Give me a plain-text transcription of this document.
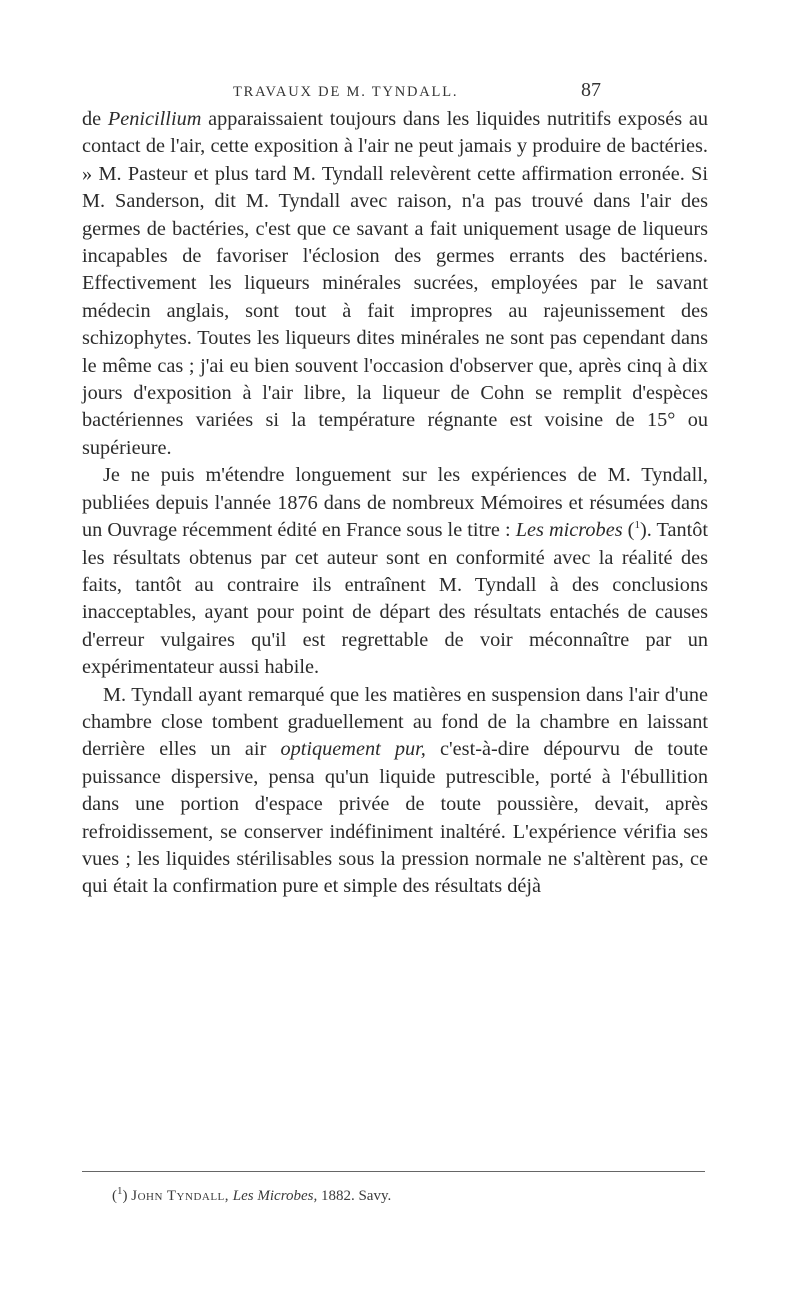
TRAVAUX DE M. TYNDALL.	87

de Penicillium apparaissaient toujours dans les liquides nutritifs exposés au contact de l'air, cette exposition à l'air ne peut jamais y produire de bactéries. » M. Pasteur et plus tard M. Tyndall relevèrent cette affirmation erronée. Si M. Sanderson, dit M. Tyndall avec raison, n'a pas trouvé dans l'air des germes de bactéries, c'est que ce savant a fait uniquement usage de liqueurs incapables de favoriser l'éclosion des germes errants des bactériens. Effectivement les liqueurs minérales sucrées, employées par le savant médecin anglais, sont tout à fait impropres au rajeunissement des schizophytes. Toutes les liqueurs dites minérales ne sont pas cependant dans le même cas ; j'ai eu bien souvent l'occasion d'observer que, après cinq à dix jours d'exposition à l'air libre, la liqueur de Cohn se remplit d'espèces bactériennes variées si la température régnante est voisine de 15° ou supérieure.

Je ne puis m'étendre longuement sur les expériences de M. Tyndall, publiées depuis l'année 1876 dans de nombreux Mémoires et résumées dans un Ouvrage récemment édité en France sous le titre : Les microbes ($^1$). Tantôt les résultats obtenus par cet auteur sont en conformité avec la réalité des faits, tantôt au contraire ils entraînent M. Tyndall à des conclusions inacceptables, ayant pour point de départ des résultats entachés de causes d'erreur vulgaires qu'il est regrettable de voir méconnaître par un expérimentateur aussi habile.

M. Tyndall ayant remarqué que les matières en suspension dans l'air d'une chambre close tombent graduellement au fond de la chambre en laissant derrière elles un air optiquement pur, c'est-à-dire dépourvu de toute puissance dispersive, pensa qu'un liquide putrescible, porté à l'ébullition dans une portion d'espace privée de toute poussière, devait, après refroidissement, se conserver indéfiniment inaltéré. L'expérience vérifia ses vues ; les liquides stérilisables sous la pression normale ne s'altèrent pas, ce qui était la confirmation pure et simple des résultats déjà

($^1$) John Tyndall, Les Microbes, 1882. Savy.
